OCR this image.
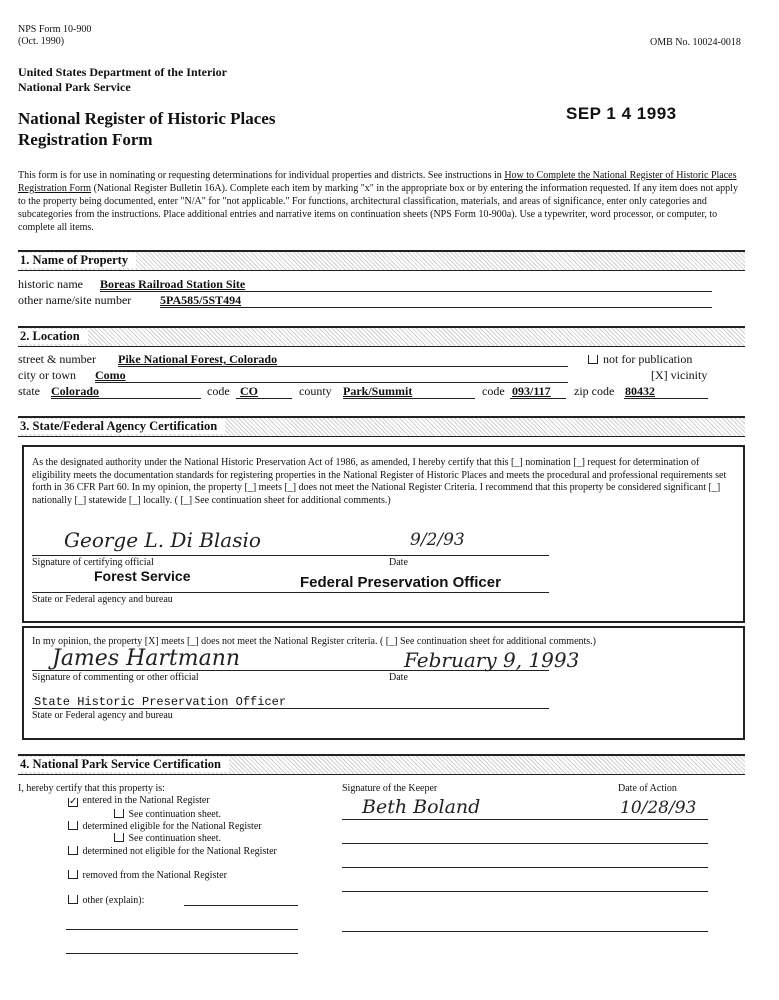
NPS Form 10-900
(Oct. 1990)	OMB No. 10024-0018
SEP 1 4 1993
United States Department of the Interior
National Park Service
National Register of Historic Places
Registration Form

This form is for use in nominating or requesting determinations for individual properties and districts. See instructions in How to Complete the National Register of Historic Places Registration Form (National Register Bulletin 16A). Complete each item by marking "x" in the appropriate box or by entering the information requested. If any item does not apply to the property being documented, enter "N/A" for "not applicable." For functions, architectural classification, materials, and areas of significance, enter only categories and subcategories from the instructions. Place additional entries and narrative items on continuation sheets (NPS Form 10-900a). Use a typewriter, word processor, or computer, to complete all items.

1. Name of Property
historic name Boreas Railroad Station Site
other name/site number 5PA585/5ST494
2. Location
street & number Pike National Forest, Colorado	not for publication
city or town Como	[X] vicinity
state Colorado	code CO	county Park/Summit	code 093/117 zip code 80432
3. State/Federal Agency Certification

As the designated authority under the National Historic Preservation Act of 1986, as amended, I hereby certify that this [_] nomination [_] request for determination of eligibility meets the documentation standards for registering properties in the National Register of Historic Places and meets the procedural and professional requirements set forth in 36 CFR Part 60. In my opinion, the property [_] meets [_] does not meet the National Register Criteria. I recommend that this property be considered significant [_] nationally [_] statewide [_] locally. ( [_] See continuation sheet for additional comments.)

George L. Di Blasio	9/2/93
Signature of certifying official	Date
Forest Service	Federal Preservation Officer
State or Federal agency and bureau

In my opinion, the property [X] meets [_] does not meet the National Register criteria. ( [_] See continuation sheet for additional comments.)

James Hartmann	February 9, 1993
Signature of commenting or other official	Date
State Historic Preservation Officer
State or Federal agency and bureau
4. National Park Service Certification
I, hereby certify that this property is:
✓ entered in the National Register
See continuation sheet.
determined eligible for the National Register
See continuation sheet.
determined not eligible for the National Register
removed from the National Register
other (explain):
Signature of the Keeper
Beth Boland
Date of Action
10/28/93
